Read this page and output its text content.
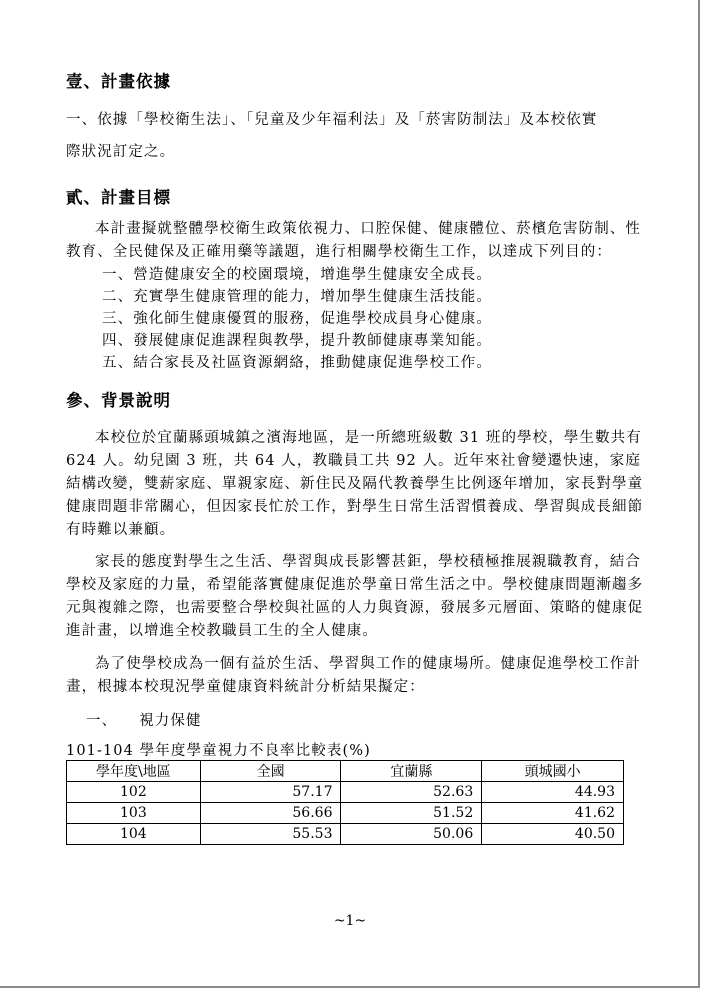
壹、計畫依據
一、依據「學校衛生法」、「兒童及少年福利法」及「菸害防制法」及本校依實
際狀況訂定之。
貳、計畫目標
本計畫擬就整體學校衛生政策依視力、口腔保健、健康體位、菸檳危害防制、性教育、全民健保及正確用藥等議題，進行相關學校衛生工作，以達成下列目的：
一、營造健康安全的校園環境，增進學生健康安全成長。
二、充實學生健康管理的能力，增加學生健康生活技能。
三、強化師生健康優質的服務，促進學校成員身心健康。
四、發展健康促進課程與教學，提升教師健康專業知能。
五、結合家長及社區資源網絡，推動健康促進學校工作。
參、背景說明
本校位於宜蘭縣頭城鎮之濱海地區，是一所總班級數 31 班的學校，學生數共有 624 人。幼兒園 3 班，共 64 人，教職員工共 92 人。近年來社會變遷快速，家庭結構改變，雙薪家庭、單親家庭、新住民及隔代教養學生比例逐年增加，家長對學童健康問題非常關心，但因家長忙於工作，對學生日常生活習慣養成、學習與成長細節有時難以兼顧。
家長的態度對學生之生活、學習與成長影響甚鉅，學校積極推展親職教育，結合學校及家庭的力量，希望能落實健康促進於學童日常生活之中。學校健康問題漸趨多元與複雜之際，也需要整合學校與社區的人力與資源，發展多元層面、策略的健康促進計畫，以增進全校教職員工生的全人健康。
為了使學校成為一個有益於生活、學習與工作的健康場所。健康促進學校工作計畫，根據本校現況學童健康資料統計分析結果擬定：
一、 視力保健
101-104 學年度學童視力不良率比較表(%)
學年度\地區	全國	宜蘭縣	頭城國小
102	57.17	52.63	44.93
103	56.66	51.52	41.62
104	55.53	50.06	40.50
~1~
